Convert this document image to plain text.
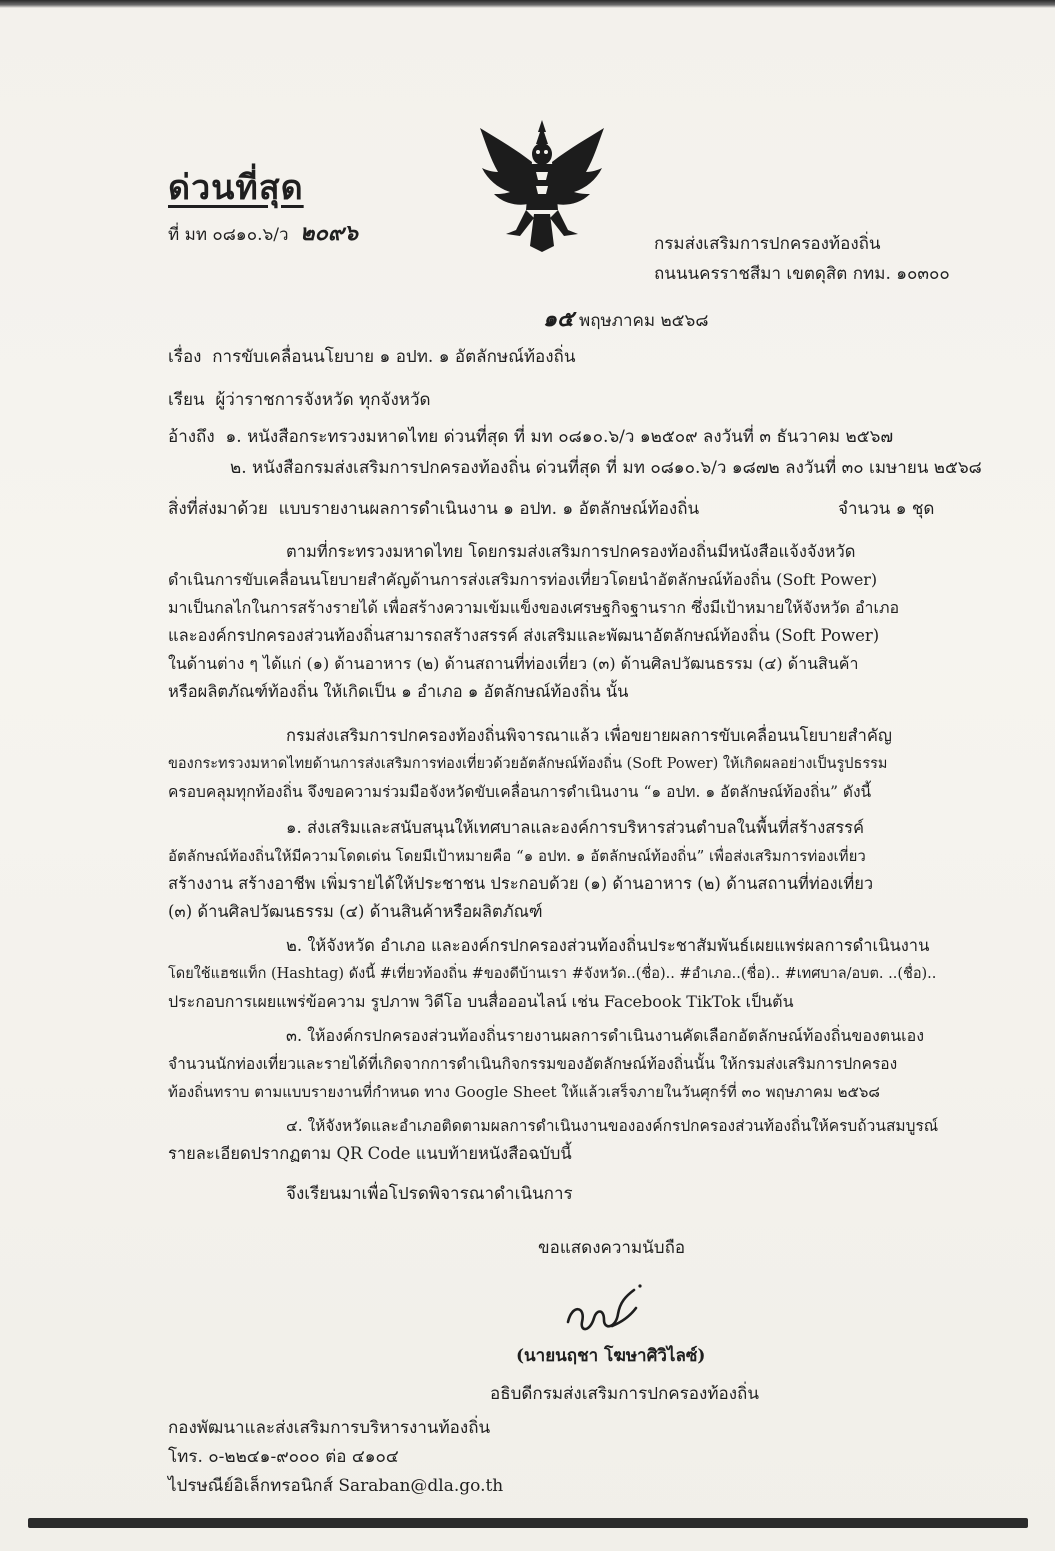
ด่วนที่สุด
ที่ มท ๐๘๑๐.๖/ว ๒๐๙๖	กรมส่งเสริมการปกครองท้องถิ่น
ถนนนครราชสีมา เขตดุสิต กทม. ๑๐๓๐๐
๑๕ พฤษภาคม ๒๕๖๘
เรื่อง การขับเคลื่อนนโยบาย ๑ อปท. ๑ อัตลักษณ์ท้องถิ่น
เรียน ผู้ว่าราชการจังหวัด ทุกจังหวัด
อ้างถึง ๑. หนังสือกระทรวงมหาดไทย ด่วนที่สุด ที่ มท ๐๘๑๐.๖/ว ๑๒๕๐๙ ลงวันที่ ๓ ธันวาคม ๒๕๖๗
๒. หนังสือกรมส่งเสริมการปกครองท้องถิ่น ด่วนที่สุด ที่ มท ๐๘๑๐.๖/ว ๑๘๗๒ ลงวันที่ ๓๐ เมษายน ๒๕๖๘
สิ่งที่ส่งมาด้วย แบบรายงานผลการดำเนินงาน ๑ อปท. ๑ อัตลักษณ์ท้องถิ่น	จำนวน ๑ ชุด
ตามที่กระทรวงมหาดไทย โดยกรมส่งเสริมการปกครองท้องถิ่นมีหนังสือแจ้งจังหวัด
ดำเนินการขับเคลื่อนนโยบายสำคัญด้านการส่งเสริมการท่องเที่ยวโดยนำอัตลักษณ์ท้องถิ่น (Soft Power)
มาเป็นกลไกในการสร้างรายได้ เพื่อสร้างความเข้มแข็งของเศรษฐกิจฐานราก ซึ่งมีเป้าหมายให้จังหวัด อำเภอ
และองค์กรปกครองส่วนท้องถิ่นสามารถสร้างสรรค์ ส่งเสริมและพัฒนาอัตลักษณ์ท้องถิ่น (Soft Power)
ในด้านต่าง ๆ ได้แก่ (๑) ด้านอาหาร (๒) ด้านสถานที่ท่องเที่ยว (๓) ด้านศิลปวัฒนธรรม (๔) ด้านสินค้า
หรือผลิตภัณฑ์ท้องถิ่น ให้เกิดเป็น ๑ อำเภอ ๑ อัตลักษณ์ท้องถิ่น นั้น
กรมส่งเสริมการปกครองท้องถิ่นพิจารณาแล้ว เพื่อขยายผลการขับเคลื่อนนโยบายสำคัญ
ของกระทรวงมหาดไทยด้านการส่งเสริมการท่องเที่ยวด้วยอัตลักษณ์ท้องถิ่น (Soft Power) ให้เกิดผลอย่างเป็นรูปธรรม
ครอบคลุมทุกท้องถิ่น จึงขอความร่วมมือจังหวัดขับเคลื่อนการดำเนินงาน “๑ อปท. ๑ อัตลักษณ์ท้องถิ่น” ดังนี้
๑. ส่งเสริมและสนับสนุนให้เทศบาลและองค์การบริหารส่วนตำบลในพื้นที่สร้างสรรค์
อัตลักษณ์ท้องถิ่นให้มีความโดดเด่น โดยมีเป้าหมายคือ “๑ อปท. ๑ อัตลักษณ์ท้องถิ่น” เพื่อส่งเสริมการท่องเที่ยว
สร้างงาน สร้างอาชีพ เพิ่มรายได้ให้ประชาชน ประกอบด้วย (๑) ด้านอาหาร (๒) ด้านสถานที่ท่องเที่ยว
(๓) ด้านศิลปวัฒนธรรม (๔) ด้านสินค้าหรือผลิตภัณฑ์
๒. ให้จังหวัด อำเภอ และองค์กรปกครองส่วนท้องถิ่นประชาสัมพันธ์เผยแพร่ผลการดำเนินงาน
โดยใช้แฮชแท็ก (Hashtag) ดังนี้ #เที่ยวท้องถิ่น #ของดีบ้านเรา #จังหวัด..(ชื่อ).. #อำเภอ..(ชื่อ).. #เทศบาล/อบต. ..(ชื่อ)..
ประกอบการเผยแพร่ข้อความ รูปภาพ วิดีโอ บนสื่อออนไลน์ เช่น Facebook TikTok เป็นต้น
๓. ให้องค์กรปกครองส่วนท้องถิ่นรายงานผลการดำเนินงานคัดเลือกอัตลักษณ์ท้องถิ่นของตนเอง
จำนวนนักท่องเที่ยวและรายได้ที่เกิดจากการดำเนินกิจกรรมของอัตลักษณ์ท้องถิ่นนั้น ให้กรมส่งเสริมการปกครอง
ท้องถิ่นทราบ ตามแบบรายงานที่กำหนด ทาง Google Sheet ให้แล้วเสร็จภายในวันศุกร์ที่ ๓๐ พฤษภาคม ๒๕๖๘
๔. ให้จังหวัดและอำเภอติดตามผลการดำเนินงานขององค์กรปกครองส่วนท้องถิ่นให้ครบถ้วนสมบูรณ์
รายละเอียดปรากฏตาม QR Code แนบท้ายหนังสือฉบับนี้
จึงเรียนมาเพื่อโปรดพิจารณาดำเนินการ
ขอแสดงความนับถือ
(นายนฤชา โฆษาศิวิไลซ์)
อธิบดีกรมส่งเสริมการปกครองท้องถิ่น
กองพัฒนาและส่งเสริมการบริหารงานท้องถิ่น
โทร. ๐-๒๒๔๑-๙๐๐๐ ต่อ ๔๑๐๔
ไปรษณีย์อิเล็กทรอนิกส์ Saraban@dla.go.th
